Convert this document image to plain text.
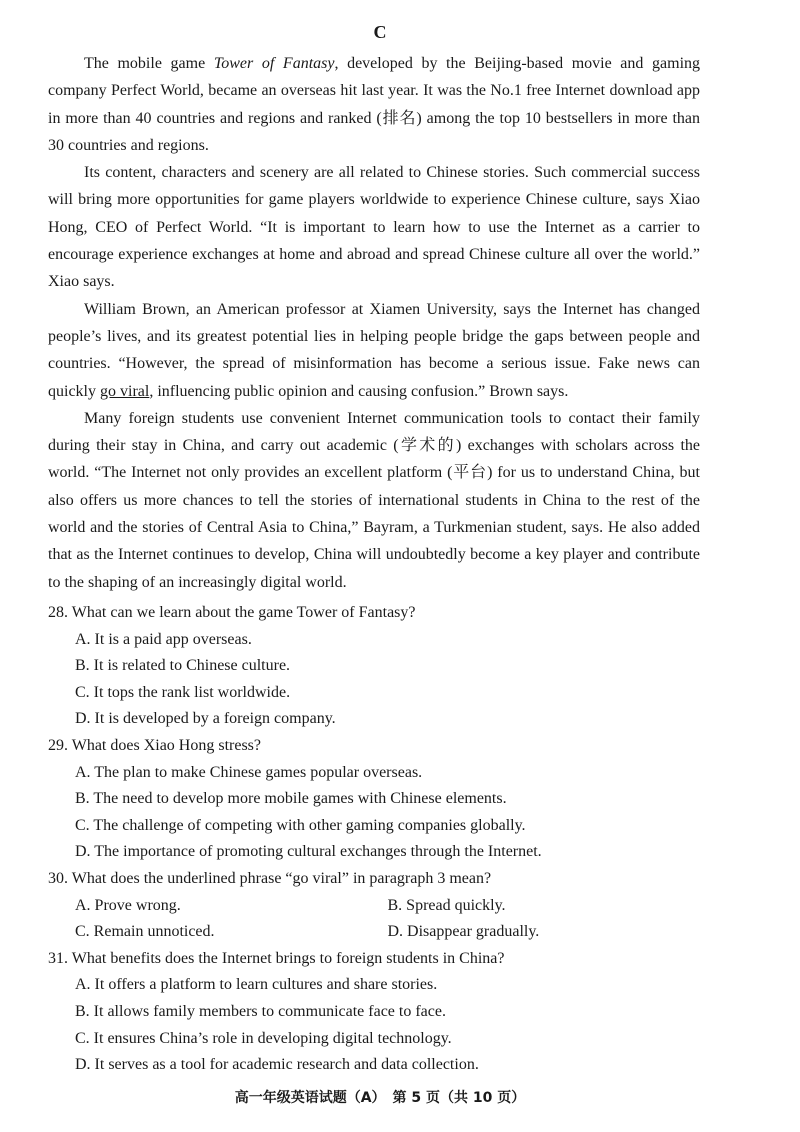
C

The mobile game Tower of Fantasy, developed by the Beijing-based movie and gaming company Perfect World, became an overseas hit last year. It was the No.1 free Internet download app in more than 40 countries and regions and ranked (排名) among the top 10 bestsellers in more than 30 countries and regions.

Its content, characters and scenery are all related to Chinese stories. Such commercial success will bring more opportunities for game players worldwide to experience Chinese culture, says Xiao Hong, CEO of Perfect World. “It is important to learn how to use the Internet as a carrier to encourage experience exchanges at home and abroad and spread Chinese culture all over the world.” Xiao says.

William Brown, an American professor at Xiamen University, says the Internet has changed people’s lives, and its greatest potential lies in helping people bridge the gaps between people and countries. “However, the spread of misinformation has become a serious issue. Fake news can quickly go viral, influencing public opinion and causing confusion.” Brown says.

Many foreign students use convenient Internet communication tools to contact their family during their stay in China, and carry out academic (学术的) exchanges with scholars across the world. “The Internet not only provides an excellent platform (平台) for us to understand China, but also offers us more chances to tell the stories of international students in China to the rest of the world and the stories of Central Asia to China,” Bayram, a Turkmenian student, says. He also added that as the Internet continues to develop, China will undoubtedly become a key player and contribute to the shaping of an increasingly digital world.

28. What can we learn about the game Tower of Fantasy?

A. It is a paid app overseas.

B. It is related to Chinese culture.

C. It tops the rank list worldwide.

D. It is developed by a foreign company.

29. What does Xiao Hong stress?

A. The plan to make Chinese games popular overseas.

B. The need to develop more mobile games with Chinese elements.

C. The challenge of competing with other gaming companies globally.

D. The importance of promoting cultural exchanges through the Internet.

30. What does the underlined phrase “go viral” in paragraph 3 mean?

A. Prove wrong.	B. Spread quickly.
C. Remain unnoticed.	D. Disappear gradually.

31. What benefits does the Internet brings to foreign students in China?

A. It offers a platform to learn cultures and share stories.

B. It allows family members to communicate face to face.

C. It ensures China’s role in developing digital technology.

D. It serves as a tool for academic research and data collection.

高一年级英语试题（A）　第 5 页（共 10 页）
